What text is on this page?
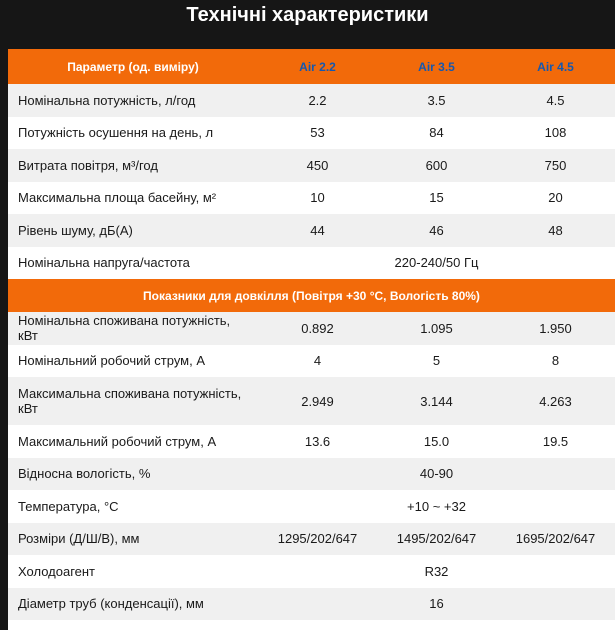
Технічні характеристики
Параметр (од. виміру)	Air 2.2	Air 3.5	Air 4.5
Номінальна потужність, л/год	2.2	3.5	4.5
Потужність осушення на день, л	53	84	108
Витрата повітря, м³/год	450	600	750
Максимальна площа басейну, м²	10	15	20
Рівень шуму, дБ(А)	44	46	48
Номінальна напруга/частота	220-240/50 Гц		
Показники для довкілля (Повітря +30 °C, Вологість 80%)			
Номінальна споживана потужність, кВт	0.892	1.095	1.950
Номінальний робочий струм, А	4	5	8
Максимальна споживана потужність, кВт	2.949	3.144	4.263
Максимальний робочий струм, А	13.6	15.0	19.5
Відносна вологість, %	40-90		
Температура, °C	+10 ~ +32		
Розміри (Д/Ш/В), мм	1295/202/647	1495/202/647	1695/202/647
Холодоагент	R32		
Діаметр труб (конденсації), мм	16		
